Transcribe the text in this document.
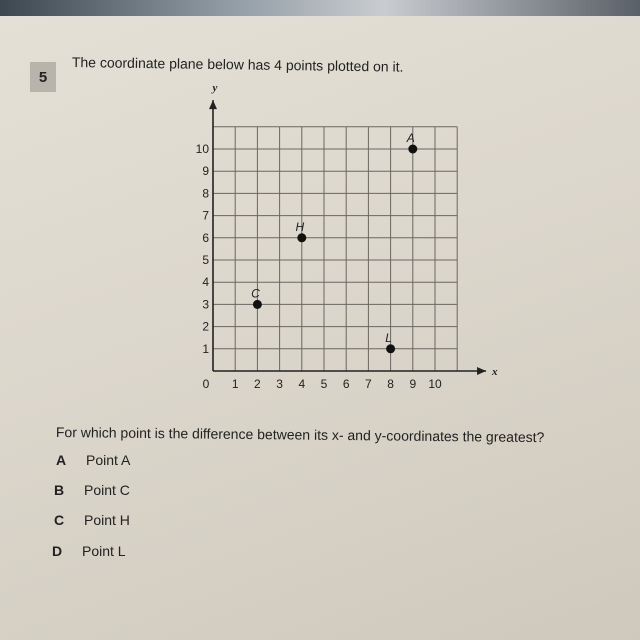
5
The coordinate plane below has 4 points plotted on it.
x
y
0 1 2 3 4 5 6 7 8 9 10
1
2
3
4
5
6
7
8
9
10
A
H
C
L
For which point is the difference between its x- and y-coordinates the greatest?
A Point A
B Point C
C Point H
D Point L
